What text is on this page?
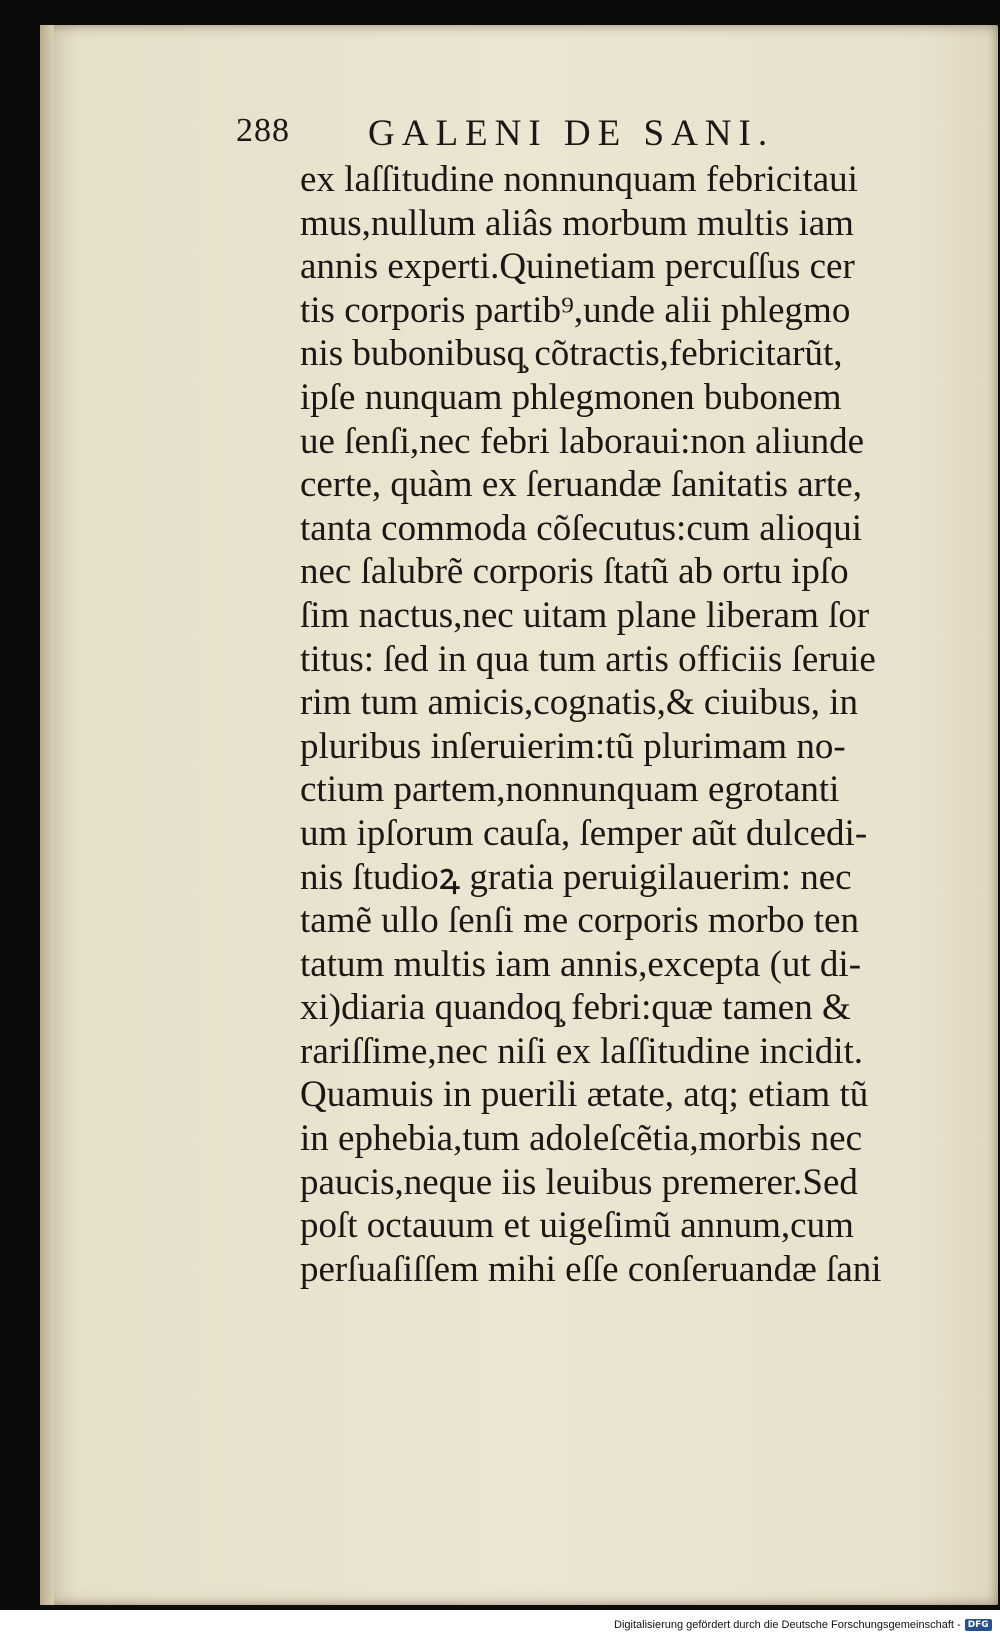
288 GALENI DE SANI.
ex laſſitudine nonnunquam febricitaui
mus,nullum aliâs morbum multis iam
annis experti.Quinetiam percuſſus cer
tis corporis partib⁹,unde alii phlegmo
nis bubonibusq̧ cõtractis,febricitarũt,
ipſe nunquam phlegmonen bubonem
ue ſenſi,nec febri laboraui:non aliunde
certe, quàm ex ſeruandæ ſanitatis arte,
tanta commoda cõſecutus:cum alioqui
nec ſalubrẽ corporis ſtatũ ab ortu ipſo
ſim nactus,nec uitam plane liberam ſor
titus: ſed in qua tum artis officiis ſeruie
rim tum amicis,cognatis,& ciuibus, in
pluribus inſeruierim:tũ plurimam no-
ctium partem,nonnunquam egrotanti
um ipſorum cauſa, ſemper aũt dulcedi-
nis ſtudioꝝ gratia peruigilauerim: nec
tamẽ ullo ſenſi me corporis morbo ten
tatum multis iam annis,excepta (ut di-
xi)diaria quandoq̧ febri:quæ tamen &
rariſſime,nec niſi ex laſſitudine incidit.
Quamuis in puerili ætate, atq; etiam tũ
in ephebia,tum adoleſcẽtia,morbis nec
paucis,neque iis leuibus premerer.Sed
poſt octauum et uigeſimũ annum,cum
perſuaſiſſem mihi eſſe conſeruandæ ſani
Digitalisierung gefördert durch die Deutsche Forschungsgemeinschaft - DFG
